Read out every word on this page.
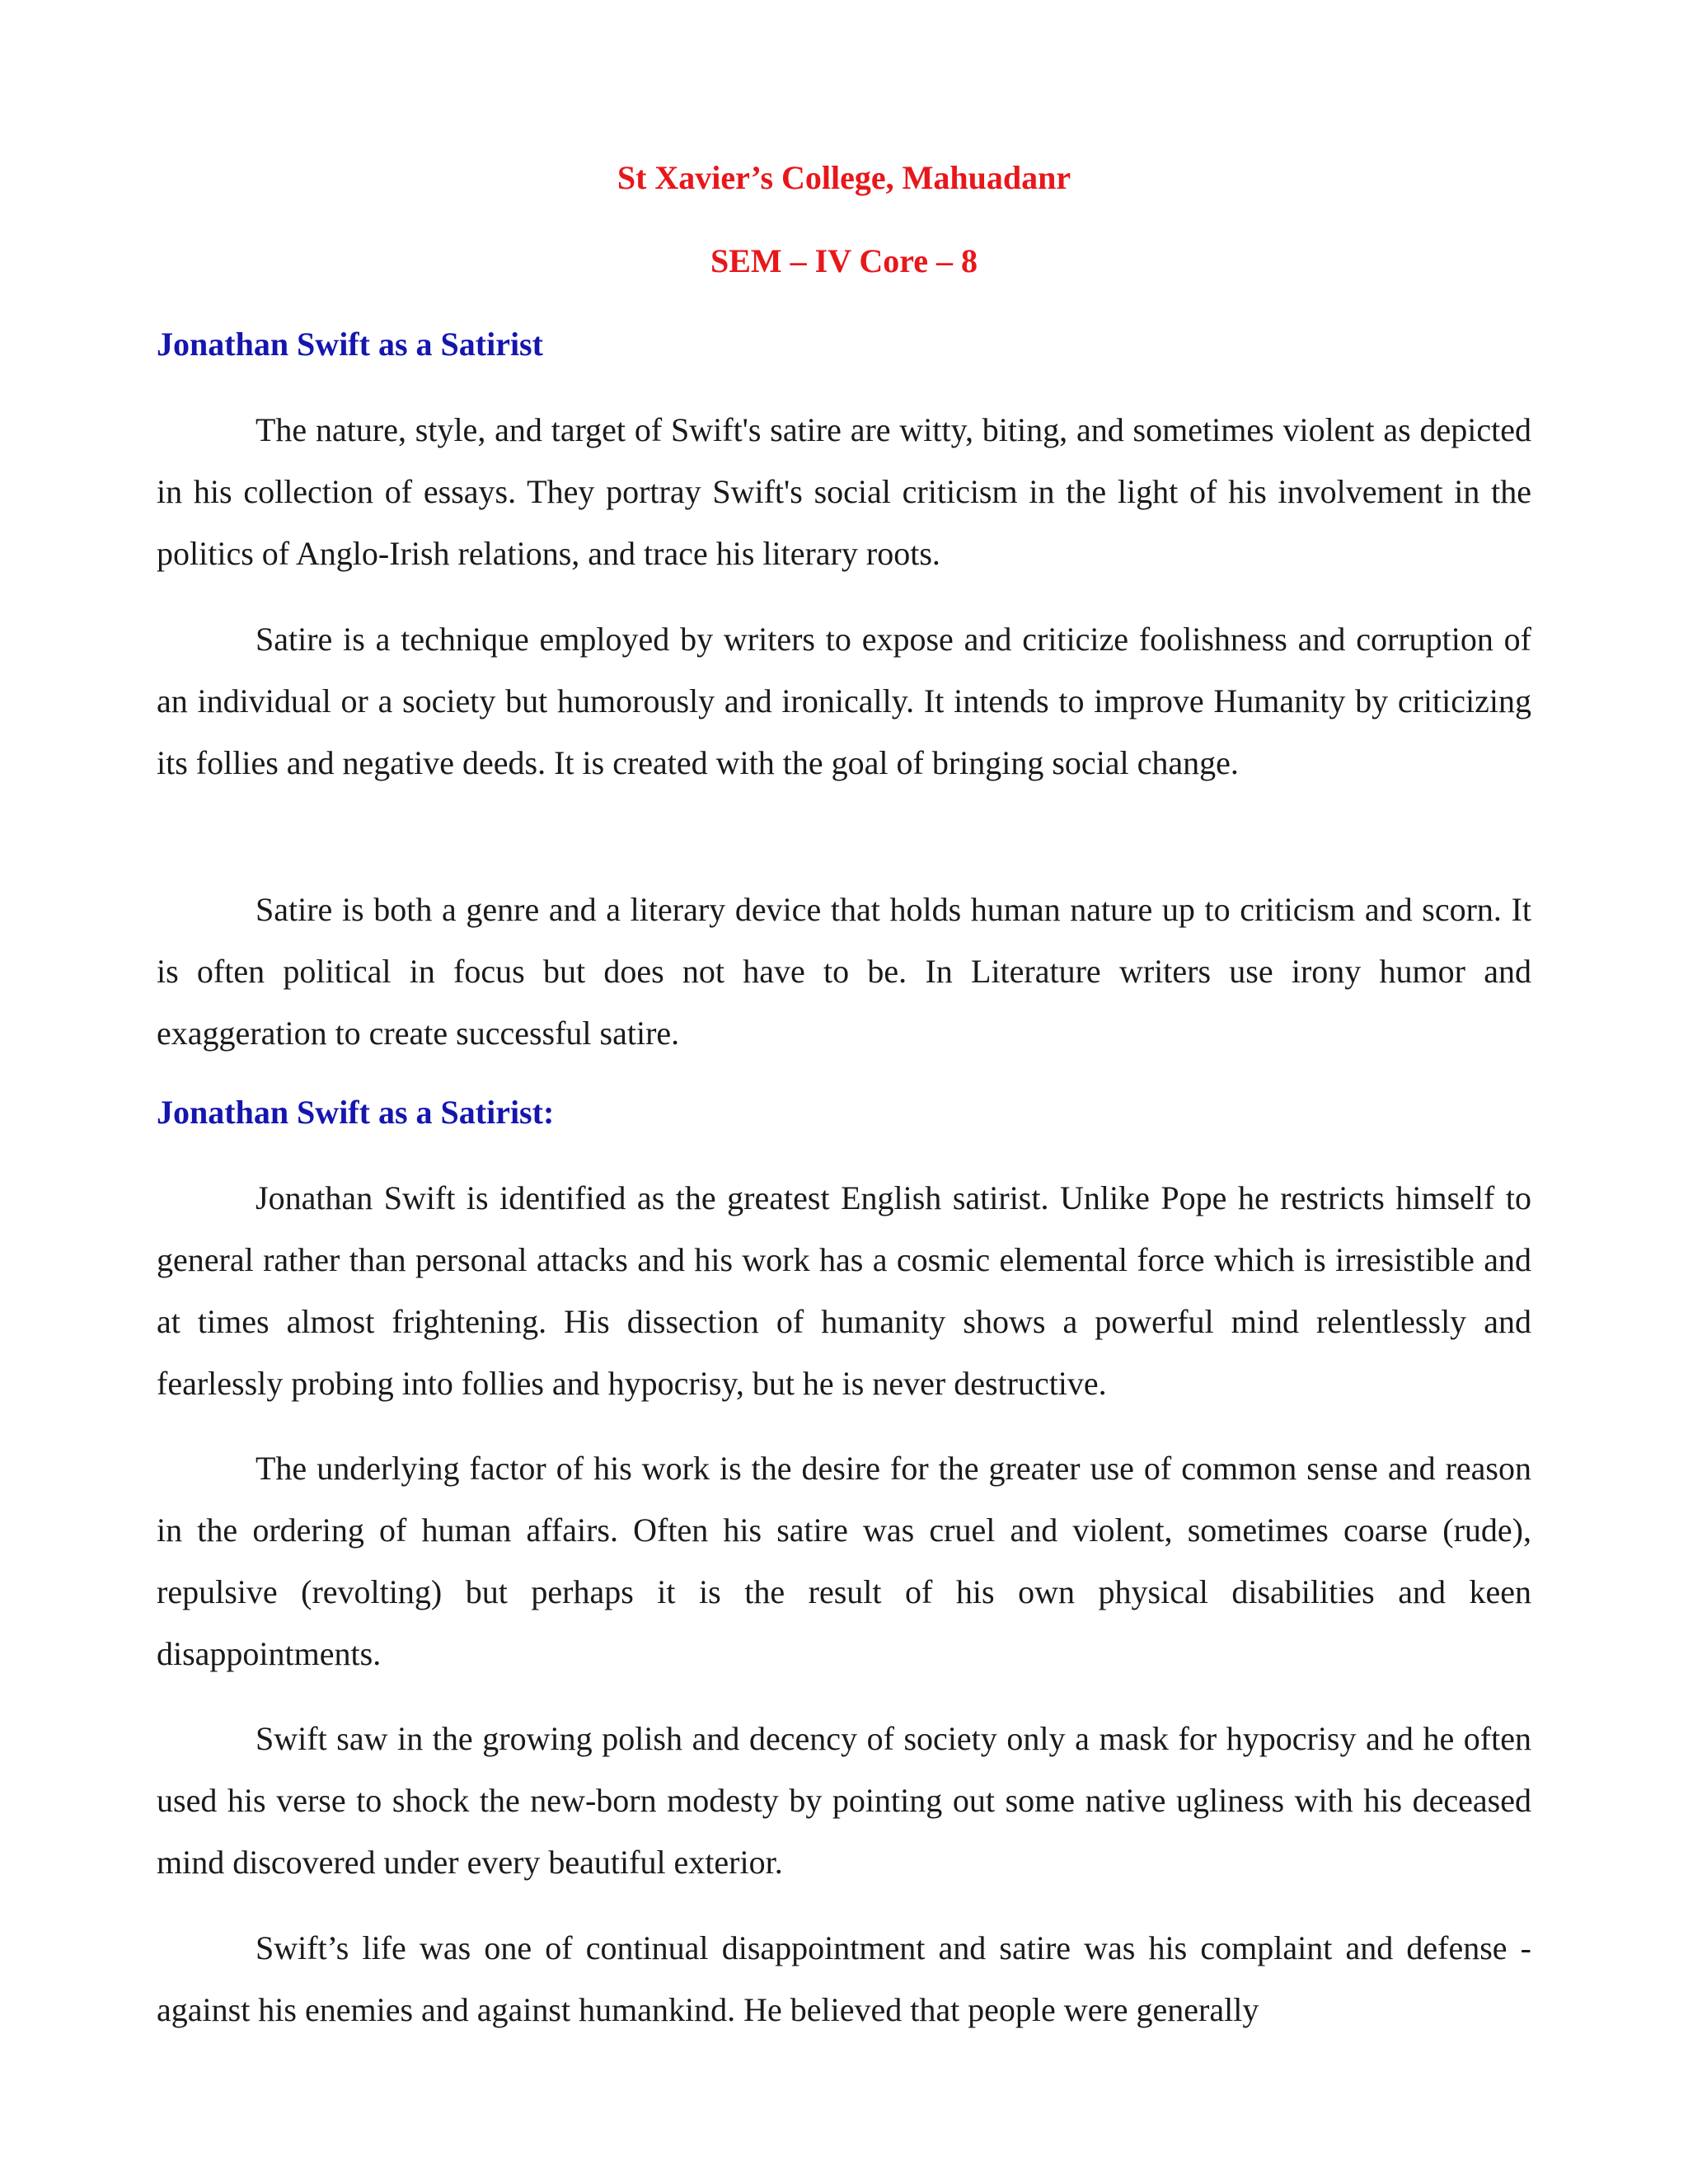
St Xavier’s College, Mahuadanr
SEM – IV Core – 8
Jonathan Swift as a Satirist

The nature, style, and target of Swift's satire are witty, biting, and sometimes violent as depicted in his collection of essays. They portray Swift's social criticism in the light of his involvement in the politics of Anglo-Irish relations, and trace his literary roots.

Satire is a technique employed by writers to expose and criticize foolishness and corruption of an individual or a society but humorously and ironically. It intends to improve Humanity by criticizing its follies and negative deeds. It is created with the goal of bringing social change.

Satire is both a genre and a literary device that holds human nature up to criticism and scorn. It is often political in focus but does not have to be. In Literature writers use irony humor and exaggeration to create successful satire.

Jonathan Swift as a Satirist:

Jonathan Swift is identified as the greatest English satirist. Unlike Pope he restricts himself to general rather than personal attacks and his work has a cosmic elemental force which is irresistible and at times almost frightening. His dissection of humanity shows a powerful mind relentlessly and fearlessly probing into follies and hypocrisy, but he is never destructive.

The underlying factor of his work is the desire for the greater use of common sense and reason in the ordering of human affairs. Often his satire was cruel and violent, sometimes coarse (rude), repulsive (revolting) but perhaps it is the result of his own physical disabilities and keen disappointments.

Swift saw in the growing polish and decency of society only a mask for hypocrisy and he often used his verse to shock the new-born modesty by pointing out some native ugliness with his deceased mind discovered under every beautiful exterior.

Swift’s life was one of continual disappointment and satire was his complaint and defense - against his enemies and against humankind. He believed that people were generally
